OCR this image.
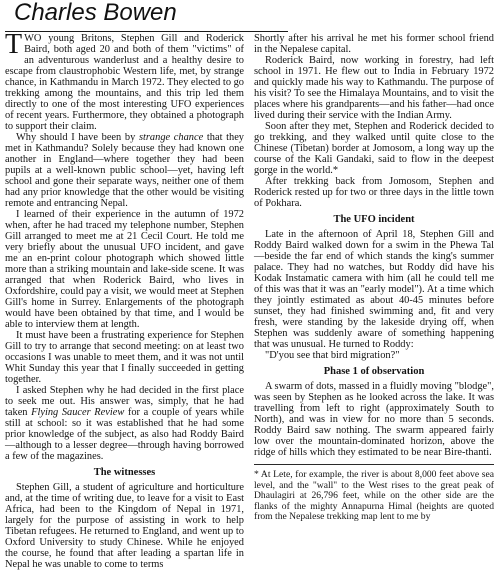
Charles Bowen

TWO young Britons, Stephen Gill and Roderick Baird, both aged 20 and both of them "victims" of an adventurous wanderlust and a healthy desire to escape from claustrophobic Western life, met, by strange chance, in Kathmandu in March 1972. They elected to go trekking among the mountains, and this trip led them directly to one of the most interesting UFO experiences of recent years. Furthermore, they obtained a photograph to support their claim.

Why should I have been by strange chance that they met in Kathmandu? Solely because they had known one another in England—where together they had been pupils at a well-known public school—yet, having left school and gone their separate ways, neither one of them had any prior knowledge that the other would be visiting remote and entrancing Nepal.

I learned of their experience in the autumn of 1972 when, after he had traced my telephone number, Stephen Gill arranged to meet me at 21 Cecil Court. He told me very briefly about the unusual UFO incident, and gave me an en-print colour photograph which showed little more than a striking mountain and lake-side scene. It was arranged that when Roderick Baird, who lives in Oxfordshire, could pay a visit, we would meet at Stephen Gill's home in Surrey. Enlargements of the photograph would have been obtained by that time, and I would be able to interview them at length.

It must have been a frustrating experience for Stephen Gill to try to arrange that second meeting: on at least two occasions I was unable to meet them, and it was not until Whit Sunday this year that I finally succeeded in getting together.

I asked Stephen why he had decided in the first place to seek me out. His answer was, simply, that he had taken Flying Saucer Review for a couple of years while still at school: so it was established that he had some prior knowledge of the subject, as also had Roddy Baird—although to a lesser degree—through having borrowed a few of the magazines.

The witnesses

Stephen Gill, a student of agriculture and horticulture and, at the time of writing due, to leave for a visit to East Africa, had been to the Kingdom of Nepal in 1971, largely for the purpose of assisting in work to help Tibetan refugees. He returned to England, and went up to Oxford University to study Chinese. While he enjoyed the course, he found that after leading a spartan life in Nepal he was unable to come to terms

Shortly after his arrival he met his former school friend in the Nepalese capital.

Roderick Baird, now working in forestry, had left school in 1971. He flew out to India in February 1972 and quickly made his way to Kathmandu. The purpose of his visit? To see the Himalaya Mountains, and to visit the places where his grandparents—and his father—had once lived during their service with the Indian Army.

Soon after they met, Stephen and Roderick decided to go trekking, and they walked until quite close to the Chinese (Tibetan) border at Jomosom, a long way up the course of the Kali Gandaki, said to flow in the deepest gorge in the world.*

After trekking back from Jomosom, Stephen and Roderick rested up for two or three days in the little town of Pokhara.

The UFO incident

Late in the afternoon of April 18, Stephen Gill and Roddy Baird walked down for a swim in the Phewa Tal—beside the far end of which stands the king's summer palace. They had no watches, but Roddy did have his Kodak Instamatic camera with him (all he could tell me of this was that it was an "early model"). At a time which they jointly estimated as about 40-45 minutes before sunset, they had finished swimming and, fit and very fresh, were standing by the lakeside drying off, when Stephen was suddenly aware of something happening that was unusual. He turned to Roddy:

"D'you see that bird migration?"

Phase 1 of observation

A swarm of dots, massed in a fluidly moving "blodge", was seen by Stephen as he looked across the lake. It was travelling from left to right (approximately South to North), and was in view for no more than 5 seconds. Roddy Baird saw nothing. The swarm appeared fairly low over the mountain-dominated horizon, above the ridge of hills which they estimated to be near Bire-thanti.

* At Lete, for example, the river is about 8,000 feet above sea level, and the "wall" to the West rises to the great peak of Dhaulagiri at 26,796 feet, while on the other side are the flanks of the mighty Annapurna Himal (heights are quoted from the Nepalese trekking map lent to me by
